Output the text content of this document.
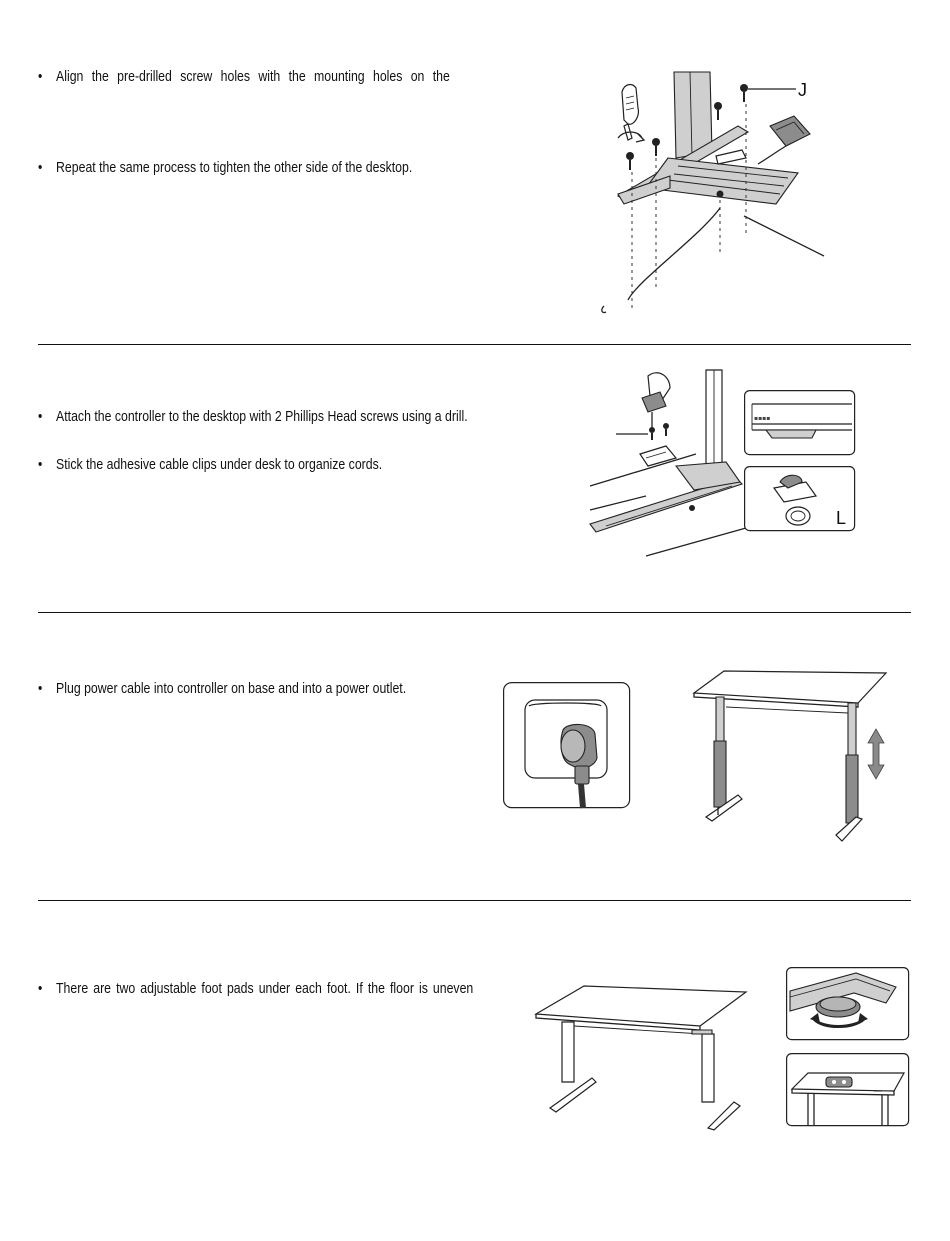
• Align the pre-drilled screw holes with the mounting holes on the
• Repeat the same process to tighten the other side of the desktop.
J
• Attach the controller to the desktop with 2 Phillips Head screws using a drill.
• Stick the adhesive cable clips under desk to organize cords.
▪▪▪▪
L
• Plug power cable into controller on base and into a power outlet.
• There are two adjustable foot pads under each foot. If the floor is uneven
